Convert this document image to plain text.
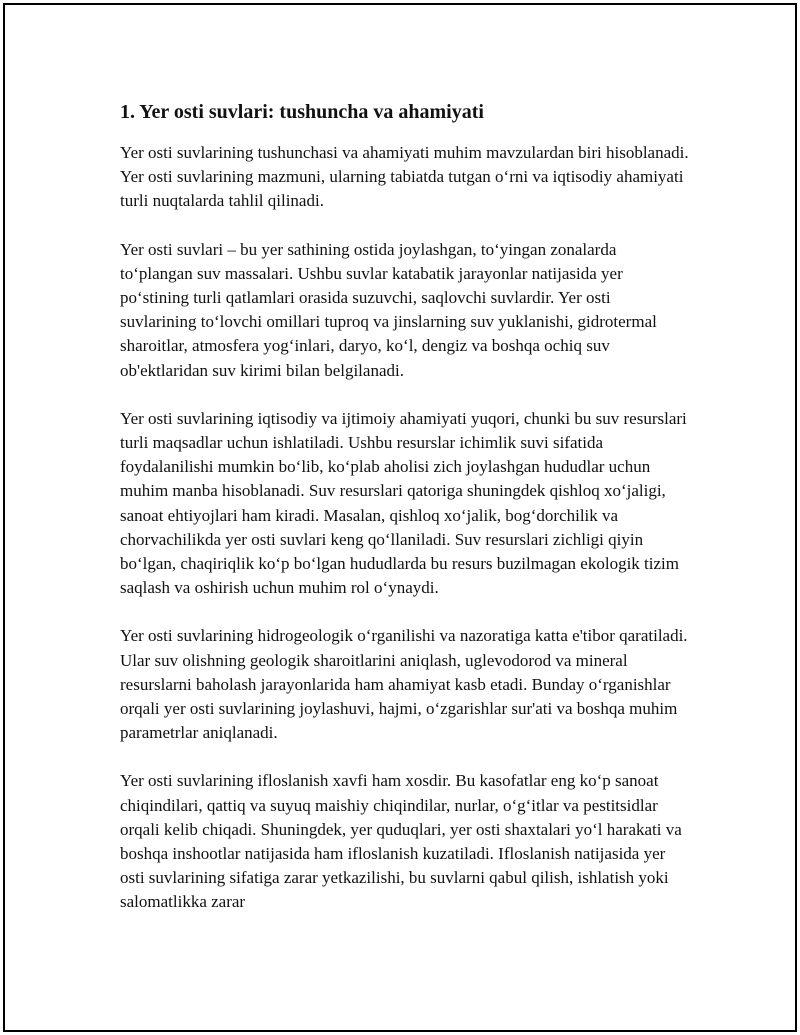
1. Yer osti suvlari: tushuncha va ahamiyati

Yer osti suvlarining tushunchasi va ahamiyati muhim mavzulardan biri hisoblanadi. Yer osti suvlarining mazmuni, ularning tabiatda tutgan o‘rni va iqtisodiy ahamiyati turli nuqtalarda tahlil qilinadi.

Yer osti suvlari – bu yer sathining ostida joylashgan, to‘yingan zonalarda to‘plangan suv massalari. Ushbu suvlar katabatik jarayonlar natijasida yer po‘stining turli qatlamlari orasida suzuvchi, saqlovchi suvlardir. Yer osti suvlarining to‘lovchi omillari tuproq va jinslarning suv yuklanishi, gidrotermal sharoitlar, atmosfera yog‘inlari, daryo, ko‘l, dengiz va boshqa ochiq suv ob'ektlaridan suv kirimi bilan belgilanadi.

Yer osti suvlarining iqtisodiy va ijtimoiy ahamiyati yuqori, chunki bu suv resurslari turli maqsadlar uchun ishlatiladi. Ushbu resurslar ichimlik suvi sifatida foydalanilishi mumkin bo‘lib, ko‘plab aholisi zich joylashgan hududlar uchun muhim manba hisoblanadi. Suv resurslari qatoriga shuningdek qishloq xo‘jaligi, sanoat ehtiyojlari ham kiradi. Masalan, qishloq xo‘jalik, bog‘dorchilik va chorvachilikda yer osti suvlari keng qo‘llaniladi. Suv resurslari zichligi qiyin bo‘lgan, chaqiriqlik ko‘p bo‘lgan hududlarda bu resurs buzilmagan ekologik tizim saqlash va oshirish uchun muhim rol o‘ynaydi.

Yer osti suvlarining hidrogeologik o‘rganilishi va nazoratiga katta e'tibor qaratiladi. Ular suv olishning geologik sharoitlarini aniqlash, uglevodorod va mineral resurslarni baholash jarayonlarida ham ahamiyat kasb etadi. Bunday o‘rganishlar orqali yer osti suvlarining joylashuvi, hajmi, o‘zgarishlar sur'ati va boshqa muhim parametrlar aniqlanadi.

Yer osti suvlarining ifloslanish xavfi ham xosdir. Bu kasofatlar eng ko‘p sanoat chiqindilari, qattiq va suyuq maishiy chiqindilar, nurlar, o‘g‘itlar va pestitsidlar orqali kelib chiqadi. Shuningdek, yer quduqlari, yer osti shaxtalari yo‘l harakati va boshqa inshootlar natijasida ham ifloslanish kuzatiladi. Ifloslanish natijasida yer osti suvlarining sifatiga zarar yetkazilishi, bu suvlarni qabul qilish, ishlatish yoki salomatlikka zarar
